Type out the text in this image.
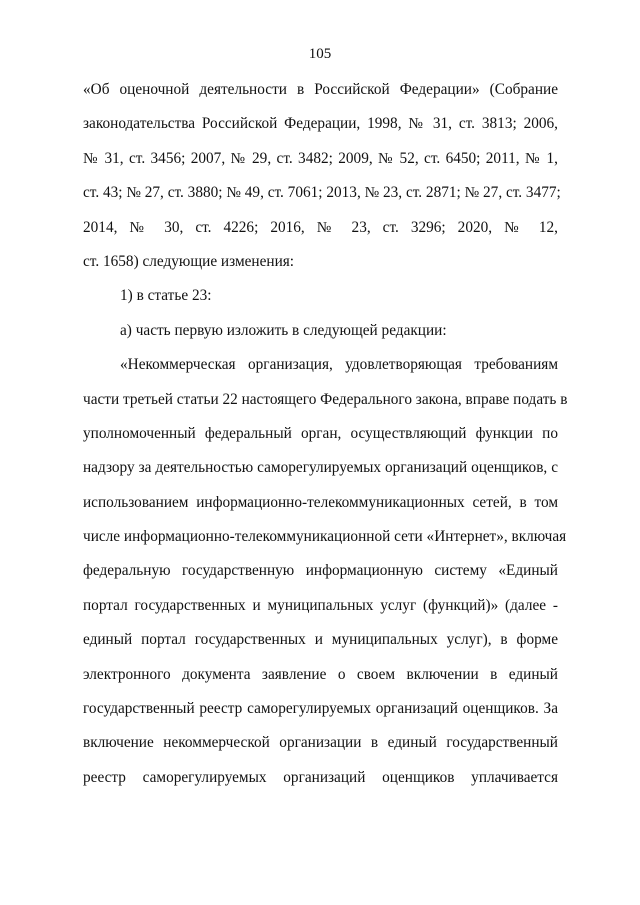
105
«Об оценочной деятельности в Российской Федерации» (Собрание
законодательства Российской Федерации, 1998, № 31, ст. 3813; 2006,
№ 31, ст. 3456; 2007, № 29, ст. 3482; 2009, № 52, ст. 6450; 2011, № 1,
ст. 43; № 27, ст. 3880; № 49, ст. 7061; 2013, № 23, ст. 2871; № 27, ст. 3477;
2014, № 30, ст. 4226; 2016, № 23, ст. 3296; 2020, № 12,
ст. 1658) следующие изменения:
1) в статье 23:
а) часть первую изложить в следующей редакции:
«Некоммерческая организация, удовлетворяющая требованиям
части третьей статьи 22 настоящего Федерального закона, вправе подать в
уполномоченный федеральный орган, осуществляющий функции по
надзору за деятельностью саморегулируемых организаций оценщиков, с
использованием информационно-телекоммуникационных сетей, в том
числе информационно-телекоммуникационной сети «Интернет», включая
федеральную государственную информационную систему «Единый
портал государственных и муниципальных услуг (функций)» (далее -
единый портал государственных и муниципальных услуг), в форме
электронного документа заявление о своем включении в единый
государственный реестр саморегулируемых организаций оценщиков. За
включение некоммерческой организации в единый государственный
реестр саморегулируемых организаций оценщиков уплачивается
